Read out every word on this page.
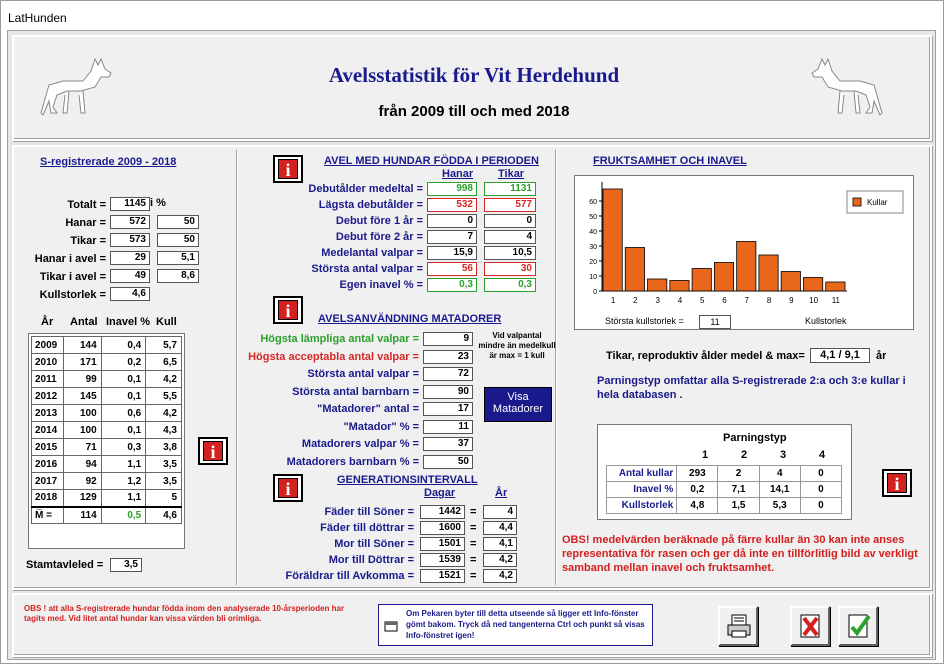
LatHunden
Avelsstatistik för Vit Herdehund
från 2009 till och med 2018
S-registrerade 2009 - 2018
i %
Totalt =	1145
Hanar =	572	50
Tikar =	573	50
Hanar i avel =	29	5,1
Tikar i avel =	49	8,6
Kullstorlek =	4,6
År Antal Inavel % Kull
2009	144	0,4	5,7
2010	171	0,2	6,5
2011	99	0,1	4,2
2012	145	0,1	5,5
2013	100	0,6	4,2
2014	100	0,1	4,3
2015	71	0,3	3,8
2016	94	1,1	3,5
2017	92	1,2	3,5
2018	129	1,1	5
M̅ =	114	0,5	4,6
Stamtavleled =	3,5
i
i	AVEL MED HUNDAR FÖDDA I PERIODEN
Hanar Tikar
Debutålder medeltal =	998	1131
Lägsta debutålder =	532	577
Debut före 1 år =	0	0
Debut före 2 år =	7	4
Medelantal valpar =	15,9	10,5
Största antal valpar =	56	30
Egen inavel % =	0,3	0,3
i	AVELSANVÄNDNING MATADORER
Högsta lämpliga antal valpar =	9
Högsta acceptabla antal valpar =	23
Största antal valpar =	72
Största antal barnbarn =	90
"Matadorer" antal =	17
"Matador" % =	11
Matadorers valpar % =	37
Matadorers barnbarn % =	50
Vid valpantal mindre än medelkull är max = 1 kull
Visa Matadorer
i	GENERATIONSINTERVALL
Dagar	År
Fäder till Söner =	1442 =	4
Fäder till döttrar =	1600 =	4,4
Mor till Söner =	1501 =	4,1
Mor till Döttrar =	1539 =	4,2
Föräldrar till Avkomma =	1521 =	4,2
FRUKTSAMHET OCH INAVEL
0
10
20
30
40
50
60
1 2 3 4 5 6 7 8 9 10 11
Kullar
Största kullstorlek =	11	Kullstorlek
Tikar, reproduktiv ålder medel & max=	4,1 / 9,1	år
Parningstyp omfattar alla S-registrerade 2:a och 3:e kullar i hela databasen .
Parningstyp
1	2	3	4
Antal kullar	293	2	4	0
Inavel %	0,2	7,1	14,1	0
Kullstorlek	4,8	1,5	5,3	0
i
OBS! medelvärden beräknade på färre kullar än 30 kan inte anses representativa för rasen och ger då inte en tillförlitlig bild av verkligt samband mellan inavel och fruktsamhet.
OBS ! att alla S-registrerade hundar födda inom den analyserade 10-årsperioden har tagits med. Vid litet antal hundar kan vissa värden bli orimliga.
Om Pekaren byter till detta utseende så ligger ett Info-fönster gömt bakom. Tryck då ned tangenterna Ctrl och punkt så visas Info-fönstret igen!
